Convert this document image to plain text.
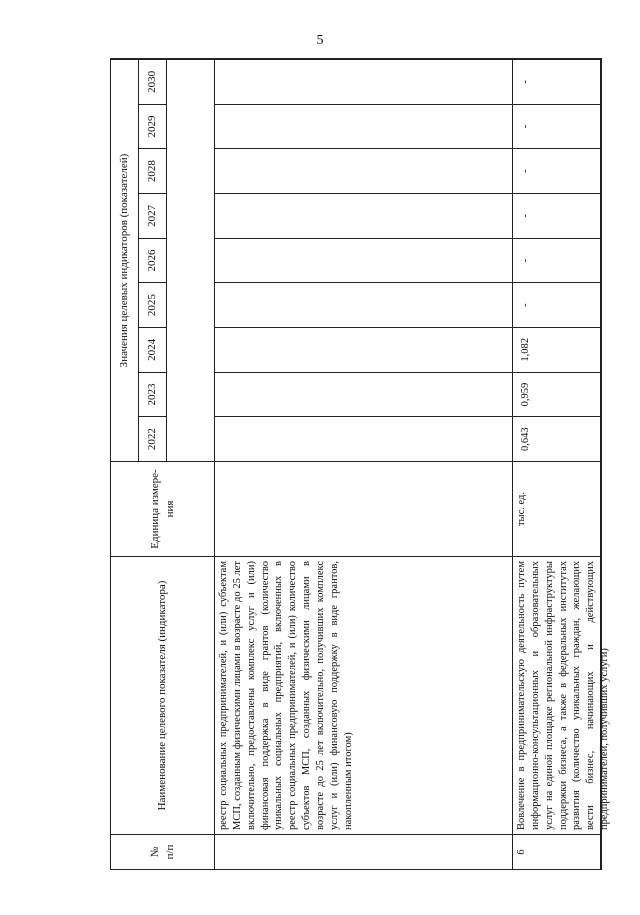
5
№
п/п
Наименование целевого показателя (индикатора)
Единица измере-ния
Значения целевых индикаторов (показателей)
2022
2023
2024
2025
2026
2027
2028
2029
2030
реестр социальных предпринимателей, и (или) субъектам МСП, созданным физическими лицами в возрасте до 25 лет включительно, предоставлены комплекс услуг и (или) финансовая поддержка в виде грантов (количество уникальных социальных предприятий, включенных в реестр социальных предпринимателей, и (или) количество субъектов МСП, созданных физическими лицами в возрасте до 25 лет включительно, получивших комплекс услуг и (или) финансовую поддержку в виде грантов, накопленным итогом)
6
Вовлечение в предпринимательскую деятельность путем информационно-консультационных и образовательных услуг на единой площадке региональной инфраструктуры поддержки бизнеса, а также в федеральных институтах развития (количество уникальных граждан, желающих вести бизнес, начинающих и действующих предпринимателей, получивших услуги)
тыс. ед.
0,643
0,959
1,082
-
-
-
-
-
-
